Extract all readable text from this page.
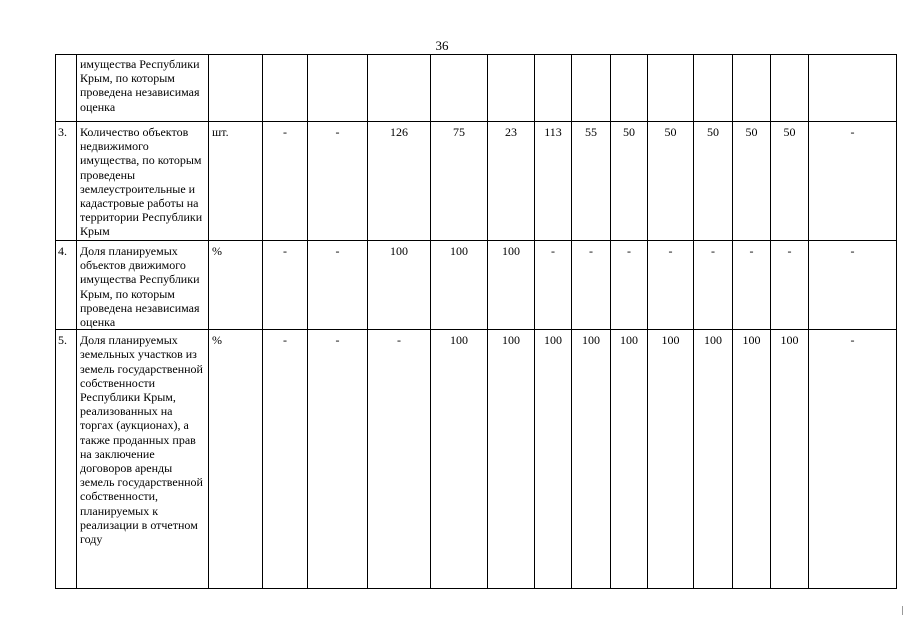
36
	имущества Республики Крым, по которым проведена независимая оценка														
3.	Количество объектов недвижимого имущества, по которым проведены землеустроительные и кадастровые работы на территории Республики Крым	шт.	-	-	126	75	23	113	55	50	50	50	50	50	-
4.	Доля планируемых объектов движимого имущества Республики Крым, по которым проведена независимая оценка	%	-	-	100	100	100	-	-	-	-	-	-	-	-
5.	Доля планируемых земельных участков из земель государственной собственности Республики Крым, реализованных на торгах (аукционах), а также проданных прав на заключение договоров аренды земель государственной собственности, планируемых к реализации в отчетном году	%	-	-	-	100	100	100	100	100	100	100	100	100	-
